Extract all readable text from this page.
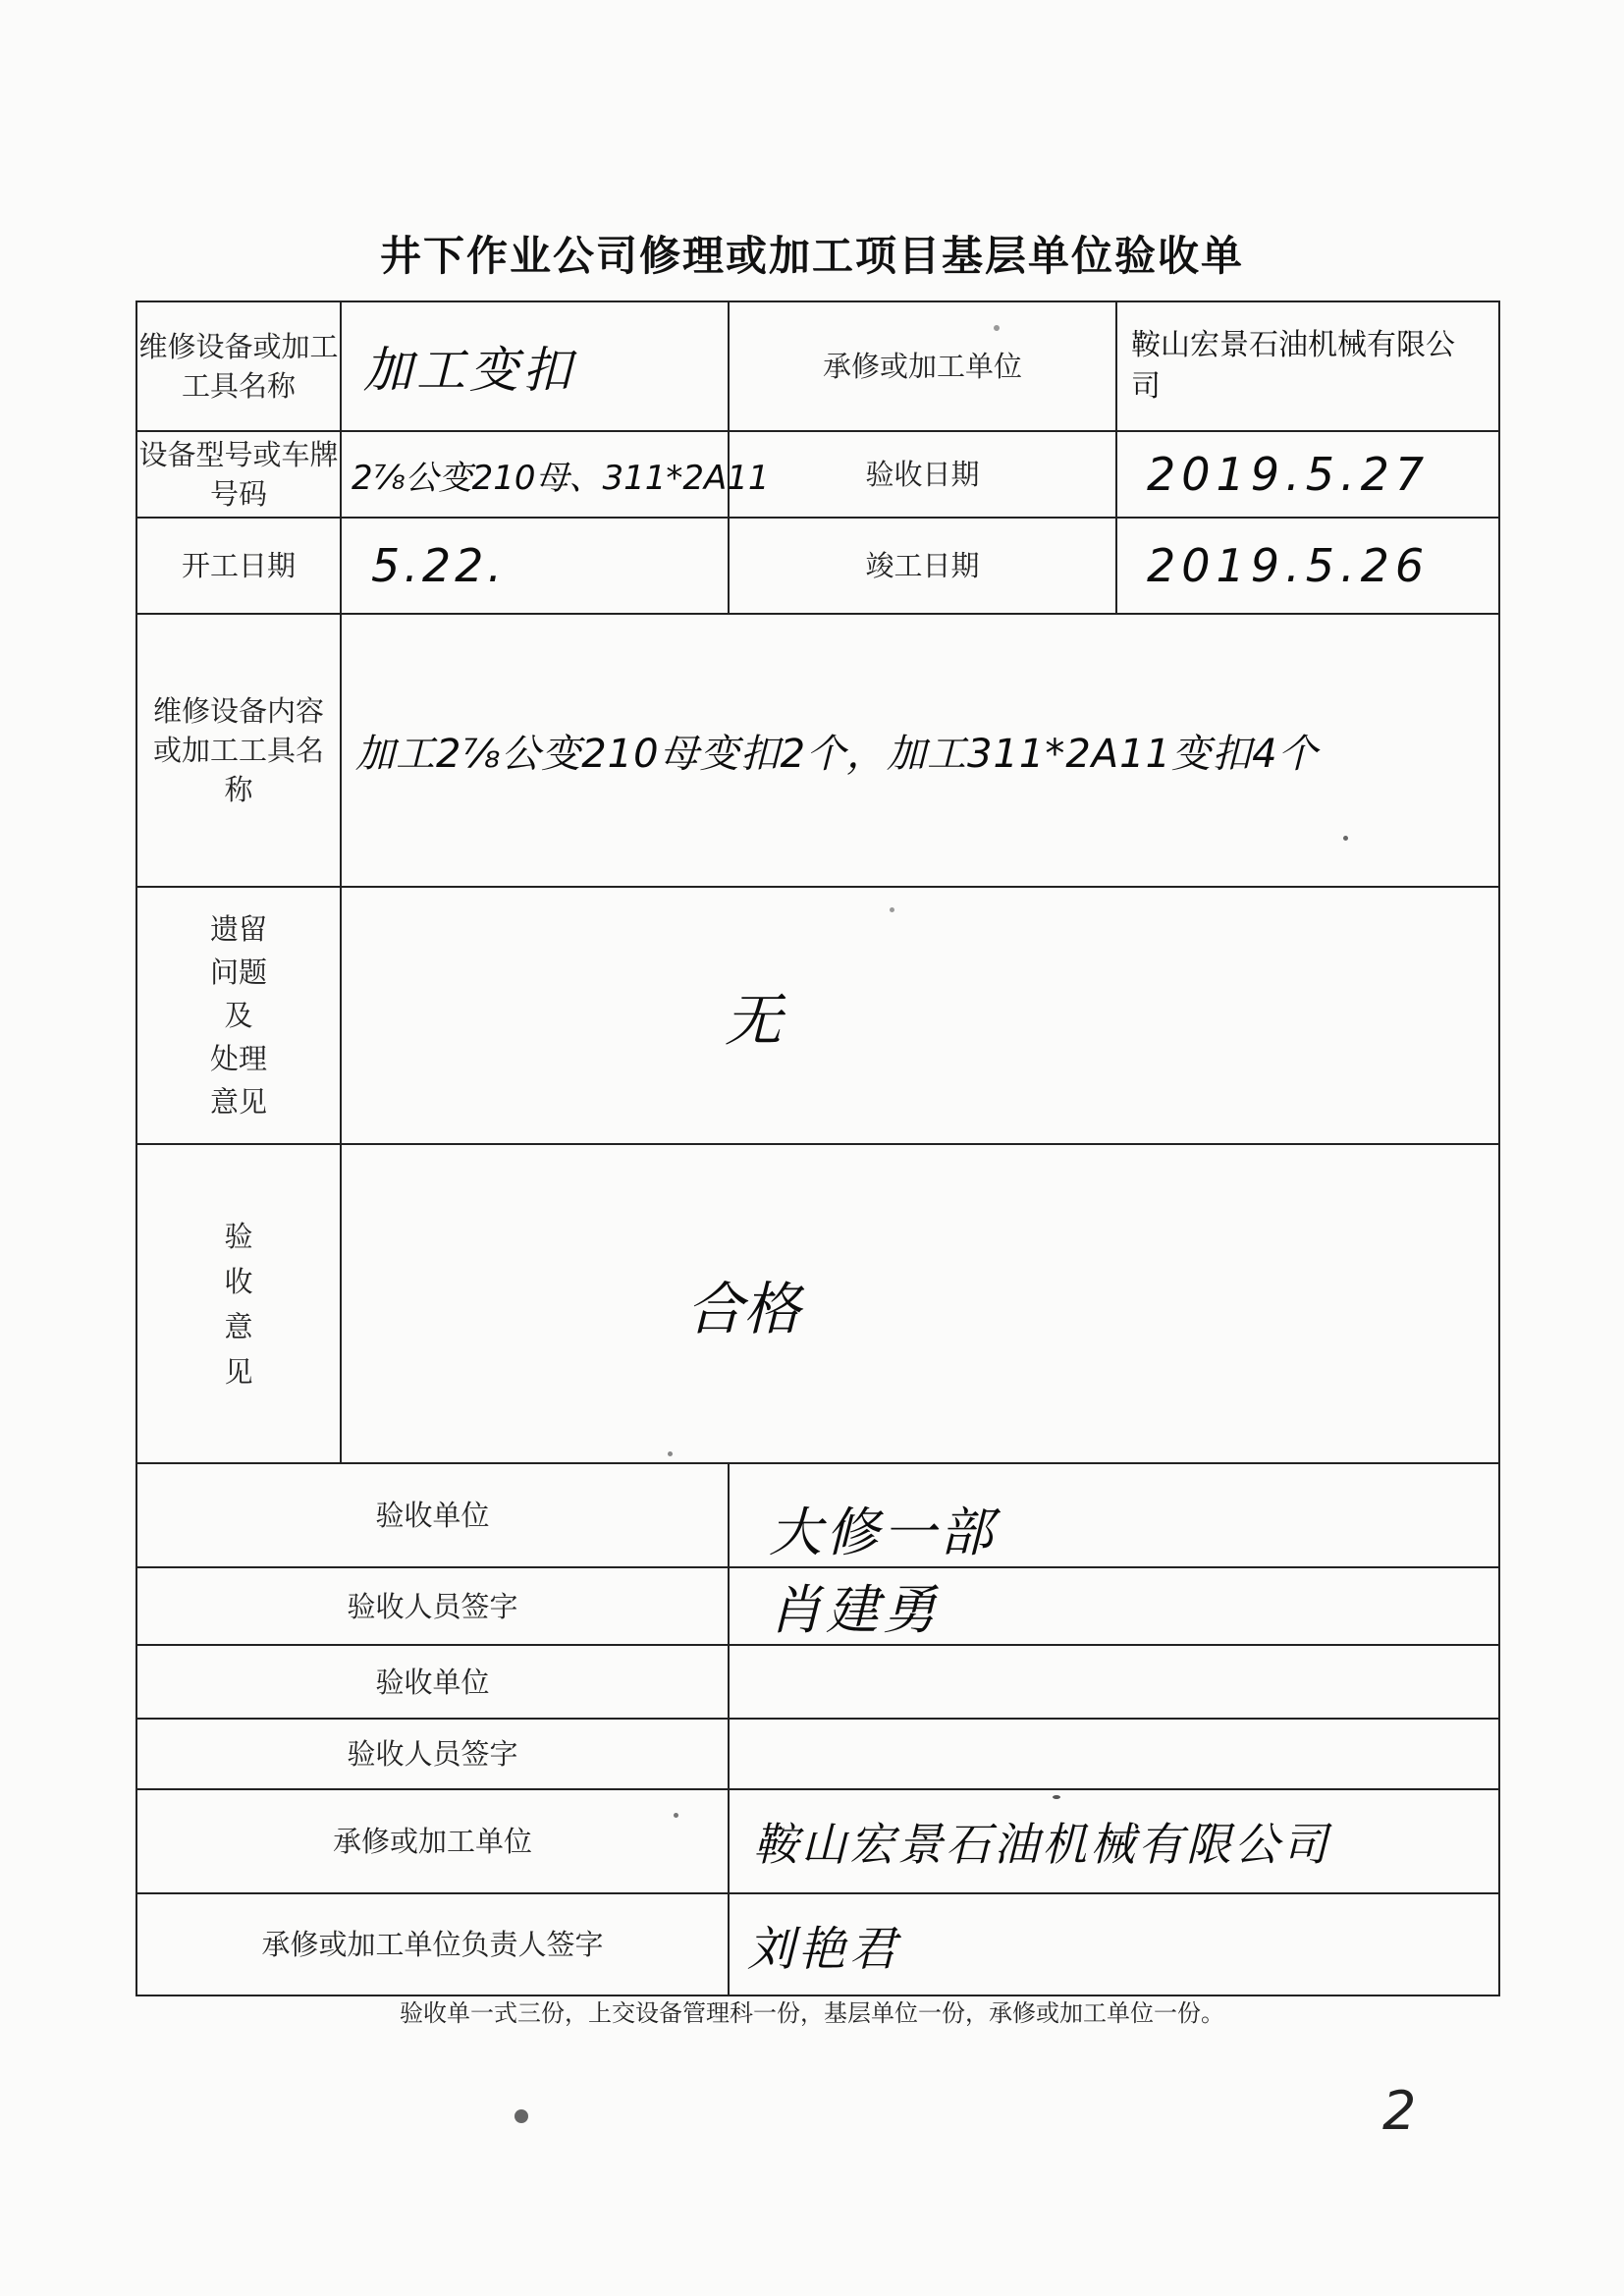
井下作业公司修理或加工项目基层单位验收单
维修设备或加工工具名称	加工变扣	承修或加工单位	鞍山宏景石油机械有限公司
设备型号或车牌号码	2⅞公变210母、311*2A11	验收日期	2019.5.27
开工日期	5.22.	竣工日期	2019.5.26
维修设备内容或加工工具名称	加工2⅞公变210母变扣2个，加工311*2A11变扣4个		

遗留
问题
及
处理
意见	无		

验
收
意
见	合格		
验收单位		大修一部	
验收人员签字		肖建勇	
验收单位			
验收人员签字			
承修或加工单位		鞍山宏景石油机械有限公司	
承修或加工单位负责人签字		刘艳君	
验收单一式三份，上交设备管理科一份，基层单位一份，承修或加工单位一份。
2
